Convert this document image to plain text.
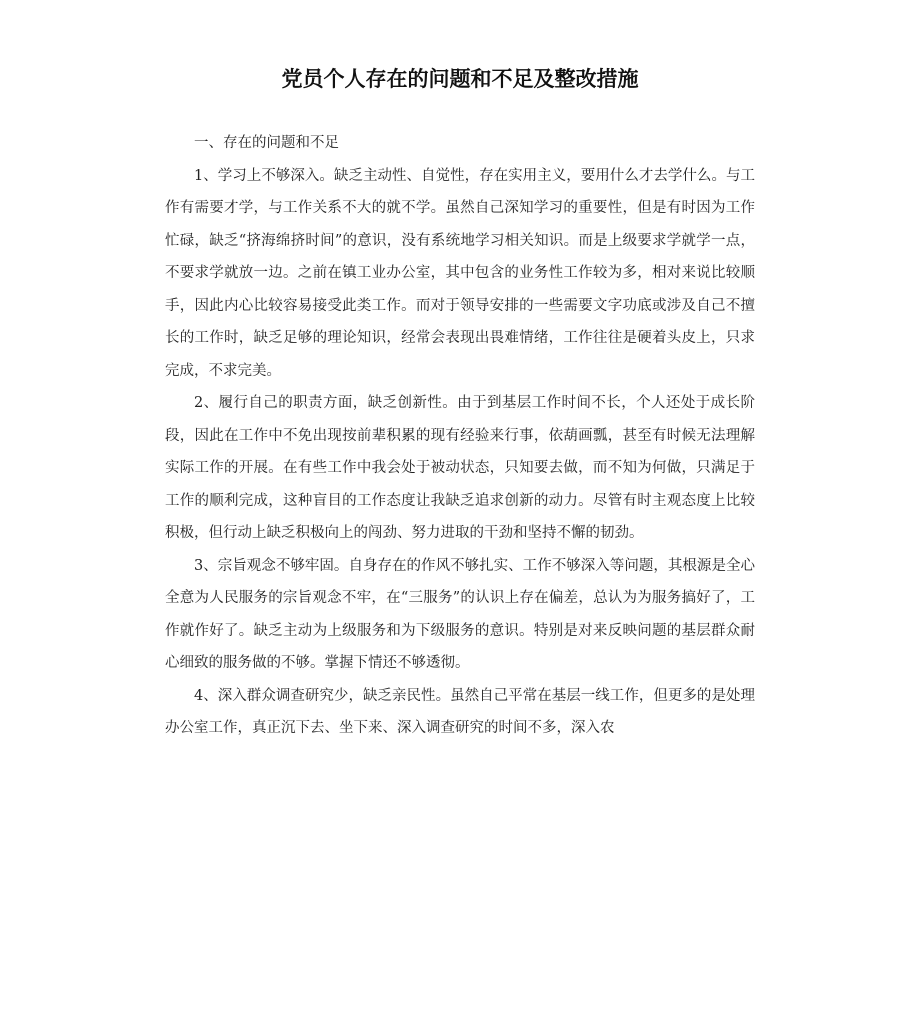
党员个人存在的问题和不足及整改措施

一、存在的问题和不足

1、学习上不够深入。缺乏主动性、自觉性，存在实用主义，要用什么才去学什么。与工作有需要才学，与工作关系不大的就不学。虽然自己深知学习的重要性，但是有时因为工作忙碌，缺乏“挤海绵挤时间”的意识，没有系统地学习相关知识。而是上级要求学就学一点，不要求学就放一边。之前在镇工业办公室，其中包含的业务性工作较为多，相对来说比较顺手，因此内心比较容易接受此类工作。而对于领导安排的一些需要文字功底或涉及自己不擅长的工作时，缺乏足够的理论知识，经常会表现出畏难情绪，工作往往是硬着头皮上，只求完成，不求完美。

2、履行自己的职责方面，缺乏创新性。由于到基层工作时间不长，个人还处于成长阶段，因此在工作中不免出现按前辈积累的现有经验来行事，依葫画瓢，甚至有时候无法理解实际工作的开展。在有些工作中我会处于被动状态，只知要去做，而不知为何做，只满足于工作的顺利完成，这种盲目的工作态度让我缺乏追求创新的动力。尽管有时主观态度上比较积极，但行动上缺乏积极向上的闯劲、努力进取的干劲和坚持不懈的韧劲。

3、宗旨观念不够牢固。自身存在的作风不够扎实、工作不够深入等问题，其根源是全心全意为人民服务的宗旨观念不牢，在“三服务”的认识上存在偏差，总认为为服务搞好了，工作就作好了。缺乏主动为上级服务和为下级服务的意识。特别是对来反映问题的基层群众耐心细致的服务做的不够。掌握下情还不够透彻。

4、深入群众调查研究少，缺乏亲民性。虽然自己平常在基层一线工作，但更多的是处理办公室工作，真正沉下去、坐下来、深入调查研究的时间不多，深入农
